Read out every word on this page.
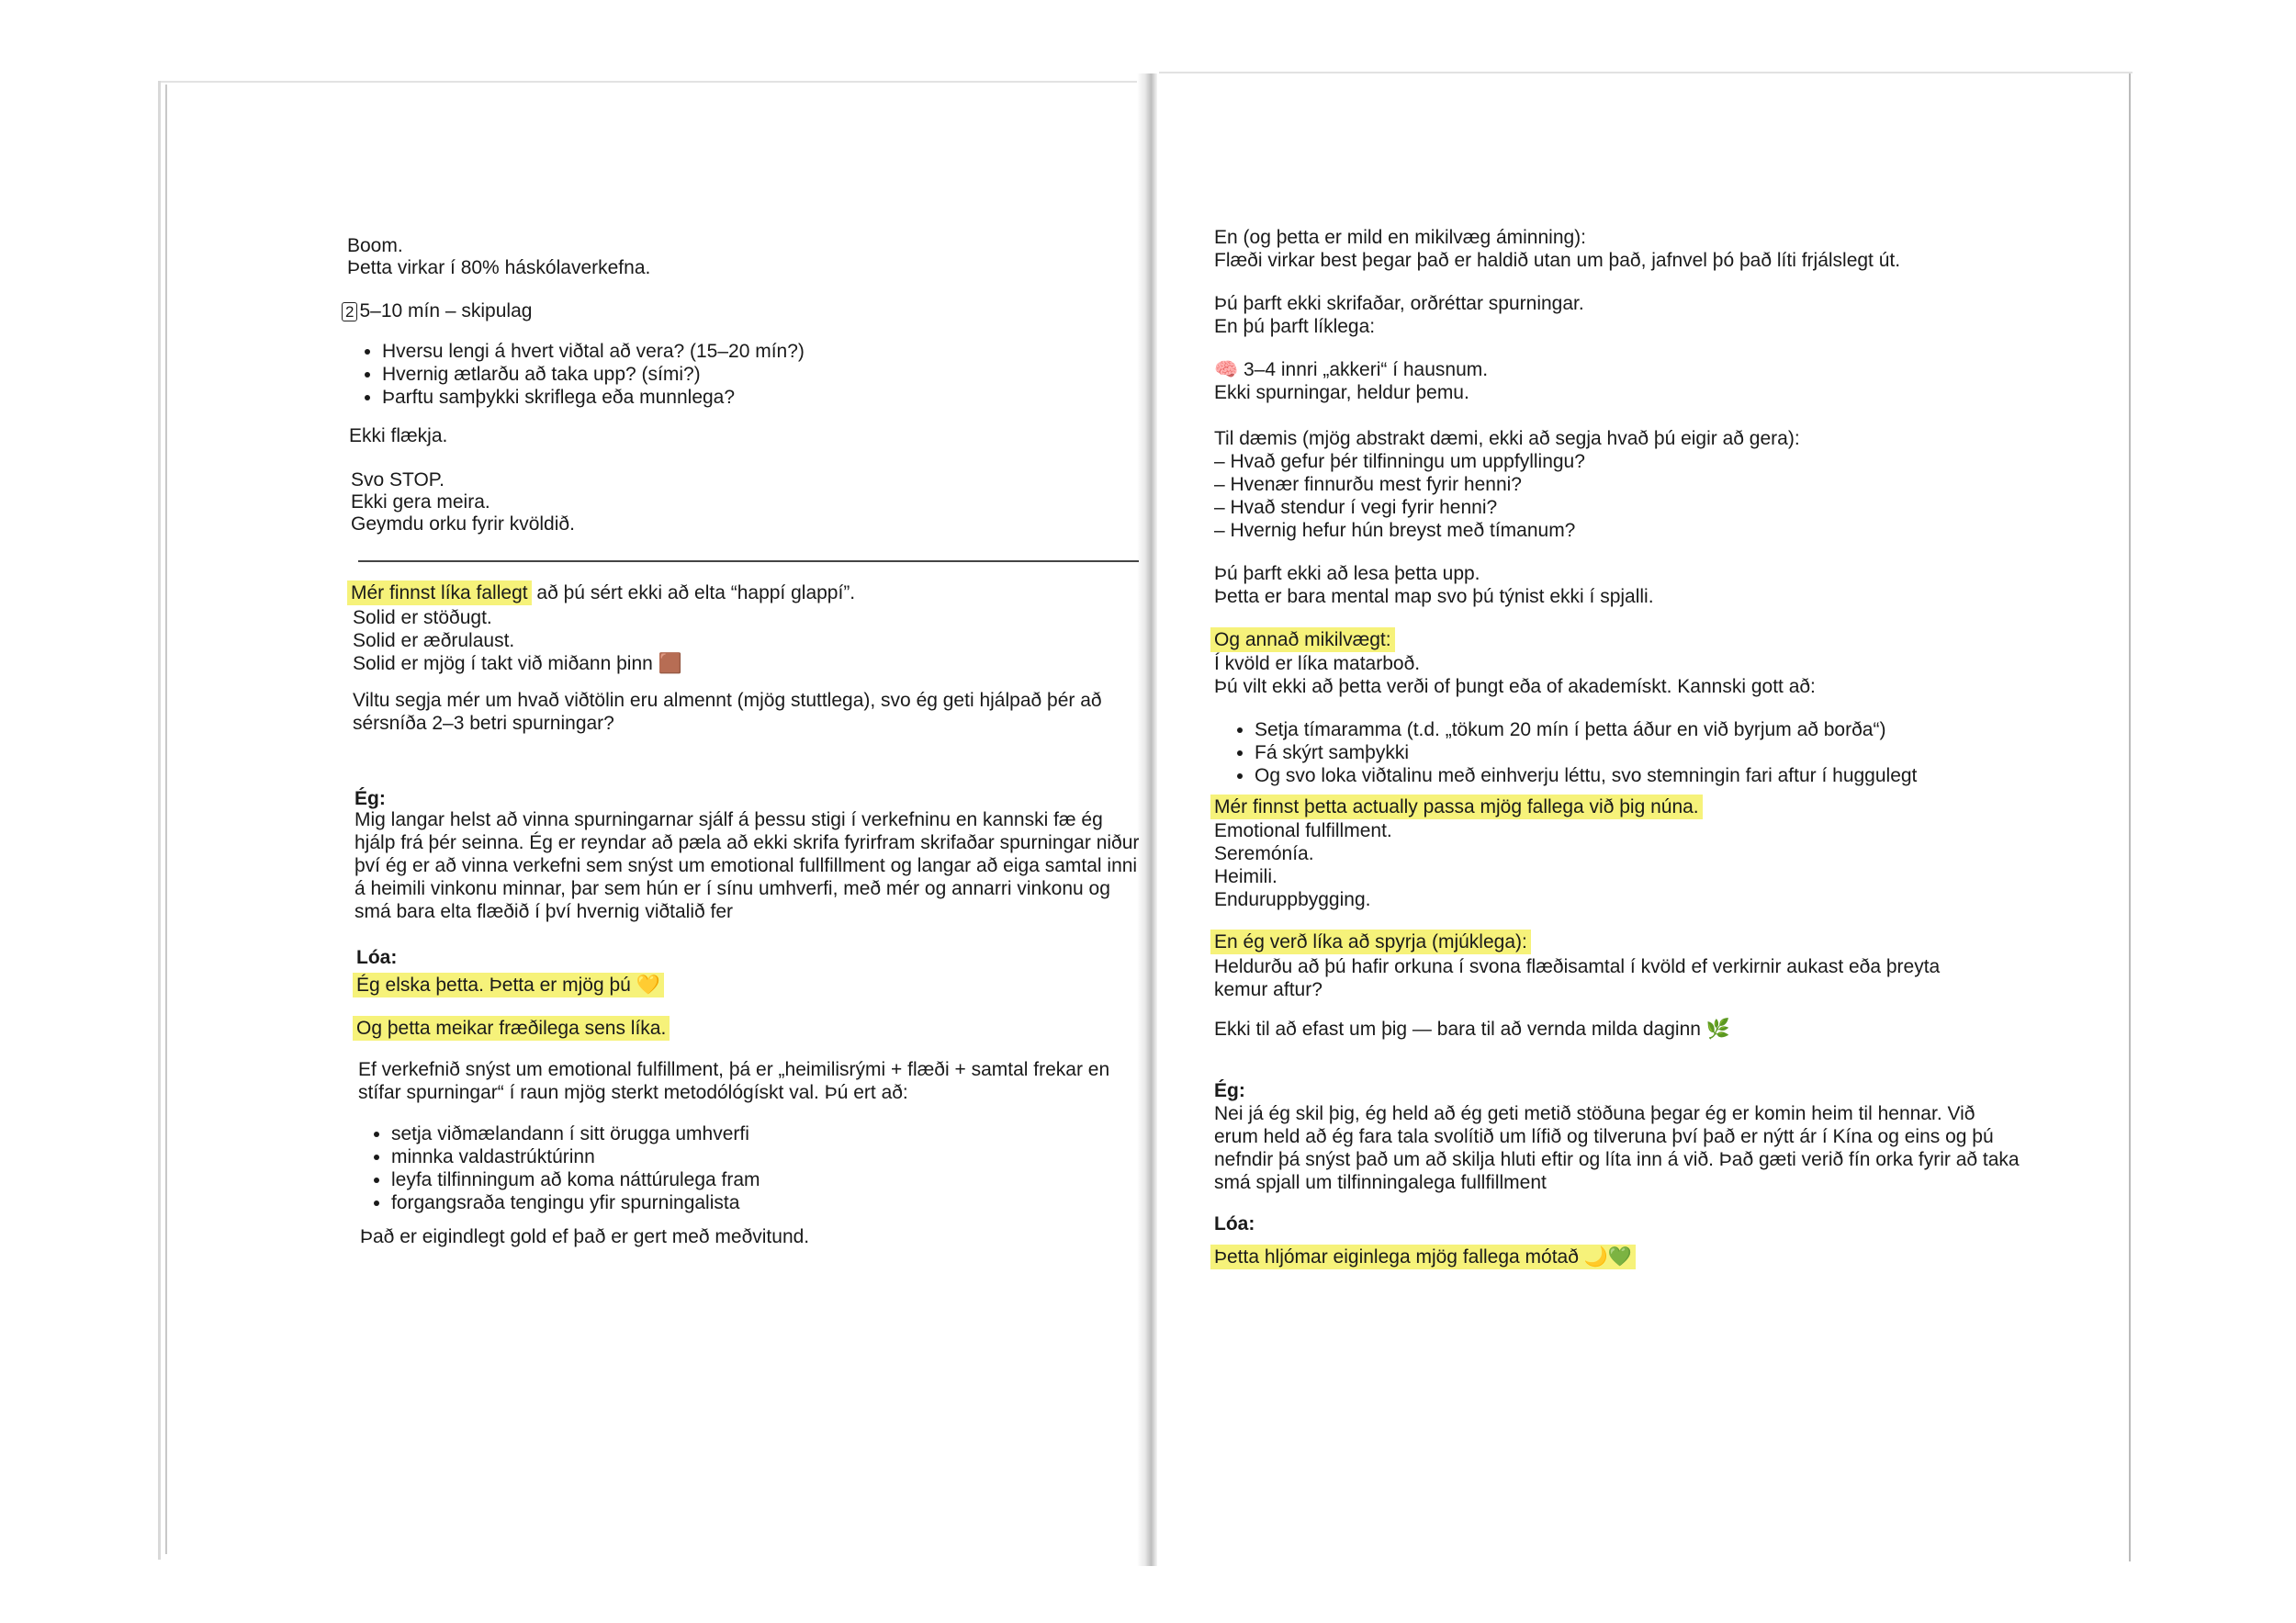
Boom.
Þetta virkar í 80% háskólaverkefna.
2 5–10 mín – skipulag
• Hversu lengi á hvert viðtal að vera? (15–20 mín?)
• Hvernig ætlarðu að taka upp? (sími?)
• Þarftu samþykki skriflega eða munnlega?
Ekki flækja.
Svo STOP.
Ekki gera meira.
Geymdu orku fyrir kvöldið.
Mér finnst líka fallegt að þú sért ekki að elta “happí glappí”.
Solid er stöðugt.
Solid er æðrulaust.
Solid er mjög í takt við miðann þinn 🟫
Viltu segja mér um hvað viðtölin eru almennt (mjög stuttlega), svo ég geti hjálpað þér að sérsníða 2–3 betri spurningar?
Ég:
Mig langar helst að vinna spurningarnar sjálf á þessu stigi í verkefninu en kannski fæ ég hjálp frá þér seinna. Ég er reyndar að pæla að ekki skrifa fyrirfram skrifaðar spurningar niður því ég er að vinna verkefni sem snýst um emotional fullfillment og langar að eiga samtal inni á heimili vinkonu minnar, þar sem hún er í sínu umhverfi, með mér og annarri vinkonu og smá bara elta flæðið í því hvernig viðtalið fer
Lóa:
Ég elska þetta. Þetta er mjög þú 💛
Og þetta meikar fræðilega sens líka.
Ef verkefnið snýst um emotional fulfillment, þá er „heimilisrými + flæði + samtal frekar en stífar spurningar“ í raun mjög sterkt metodólógískt val. Þú ert að:
• setja viðmælandann í sitt örugga umhverfi
• minnka valdastrúktúrinn
• leyfa tilfinningum að koma náttúrulega fram
• forgangsraða tengingu yfir spurningalista
Það er eigindlegt gold ef það er gert með meðvitund.
En (og þetta er mild en mikilvæg áminning):
Flæði virkar best þegar það er haldið utan um það, jafnvel þó það líti frjálslegt út.
Þú þarft ekki skrifaðar, orðréttar spurningar.
En þú þarft líklega:
🧠 3–4 innri „akkeri“ í hausnum.
Ekki spurningar, heldur þemu.
Til dæmis (mjög abstrakt dæmi, ekki að segja hvað þú eigir að gera):
– Hvað gefur þér tilfinningu um uppfyllingu?
– Hvenær finnurðu mest fyrir henni?
– Hvað stendur í vegi fyrir henni?
– Hvernig hefur hún breyst með tímanum?
Þú þarft ekki að lesa þetta upp.
Þetta er bara mental map svo þú týnist ekki í spjalli.
Og annað mikilvægt:
Í kvöld er líka matarboð.
Þú vilt ekki að þetta verði of þungt eða of akademískt. Kannski gott að:
• Setja tímaramma (t.d. „tökum 20 mín í þetta áður en við byrjum að borða“)
• Fá skýrt samþykki
• Og svo loka viðtalinu með einhverju léttu, svo stemningin fari aftur í huggulegt
Mér finnst þetta actually passa mjög fallega við þig núna.
Emotional fulfillment.
Seremónía.
Heimili.
Enduruppbygging.
En ég verð líka að spyrja (mjúklega):
Heldurðu að þú hafir orkuna í svona flæðisamtal í kvöld ef verkirnir aukast eða þreyta kemur aftur?
Ekki til að efast um þig — bara til að vernda milda daginn 🌿
Ég:
Nei já ég skil þig, ég held að ég geti metið stöðuna þegar ég er komin heim til hennar. Við erum held að ég fara tala svolítið um lífið og tilveruna því það er nýtt ár í Kína og eins og þú nefndir þá snýst það um að skilja hluti eftir og líta inn á við. Það gæti verið fín orka fyrir að taka smá spjall um tilfinningalega fullfillment
Lóa:
Þetta hljómar eiginlega mjög fallega mótað 🌙💚
